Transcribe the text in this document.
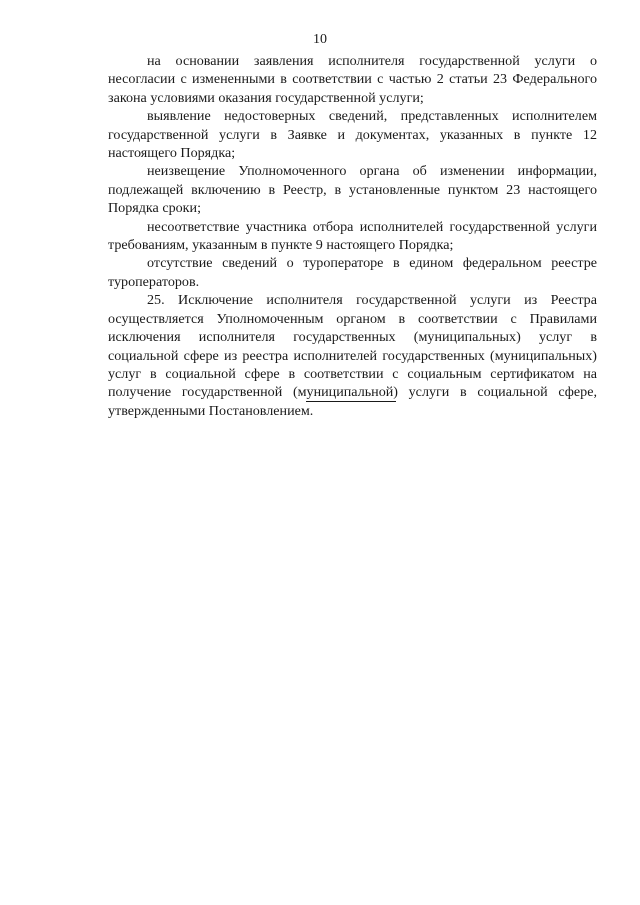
10

на основании заявления исполнителя государственной услуги о несогласии с измененными в соответствии с частью 2 статьи 23 Федерального закона условиями оказания государственной услуги;

выявление недостоверных сведений, представленных исполнителем государственной услуги в Заявке и документах, указанных в пункте 12 настоящего Порядка;

неизвещение Уполномоченного органа об изменении информации, подлежащей включению в Реестр, в установленные пунктом 23 настоящего Порядка сроки;

несоответствие участника отбора исполнителей государственной услуги требованиям, указанным в пункте 9 настоящего Порядка;

отсутствие сведений о туроператоре в едином федеральном реестре туроператоров.

25. Исключение исполнителя государственной услуги из Реестра осуществляется Уполномоченным органом в соответствии с Правилами исключения исполнителя государственных (муниципальных) услуг в социальной сфере из реестра исполнителей государственных (муниципальных) услуг в социальной сфере в соответствии с социальным сертификатом на получение государственной (муниципальной) услуги в социальной сфере, утвержденными Постановлением.
